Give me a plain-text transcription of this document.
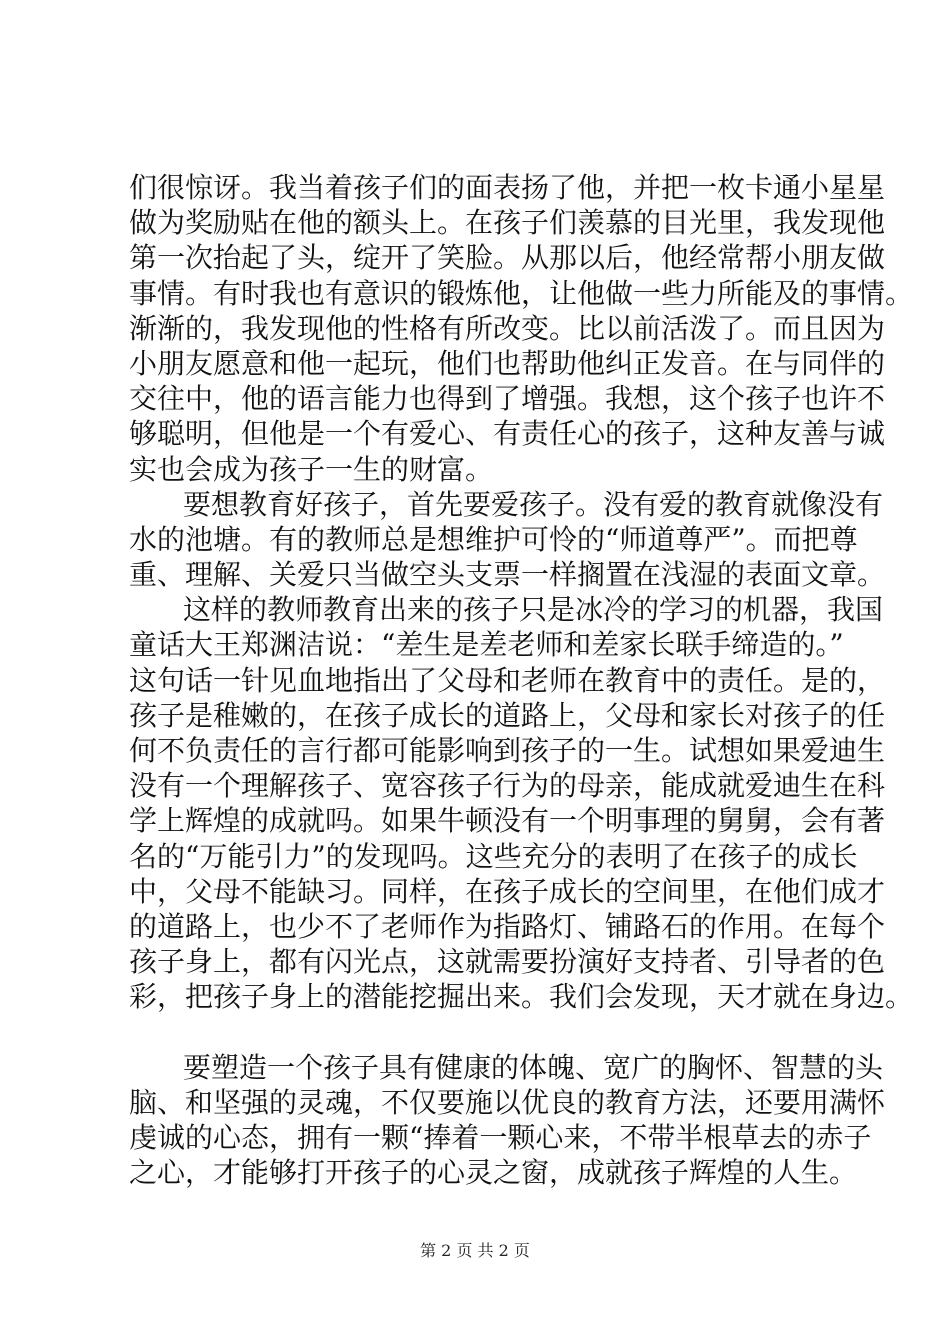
们很惊讶。我当着孩子们的面表扬了他，并把一枚卡通小星星
做为奖励贴在他的额头上。在孩子们羡慕的目光里，我发现他
第一次抬起了头，绽开了笑脸。从那以后，他经常帮小朋友做
事情。有时我也有意识的锻炼他，让他做一些力所能及的事情。
渐渐的，我发现他的性格有所改变。比以前活泼了。而且因为
小朋友愿意和他一起玩，他们也帮助他纠正发音。在与同伴的
交往中，他的语言能力也得到了增强。我想，这个孩子也许不
够聪明，但他是一个有爱心、有责任心的孩子，这种友善与诚
实也会成为孩子一生的财富。
要想教育好孩子，首先要爱孩子。没有爱的教育就像没有
水的池塘。有的教师总是想维护可怜的“师道尊严”。而把尊
重、理解、关爱只当做空头支票一样搁置在浅湿的表面文章。
这样的教师教育出来的孩子只是冰冷的学习的机器，我国
童话大王郑渊洁说：“差生是差老师和差家长联手缔造的。”
这句话一针见血地指出了父母和老师在教育中的责任。是的，
孩子是稚嫩的，在孩子成长的道路上，父母和家长对孩子的任
何不负责任的言行都可能影响到孩子的一生。试想如果爱迪生
没有一个理解孩子、宽容孩子行为的母亲，能成就爱迪生在科
学上辉煌的成就吗。如果牛顿没有一个明事理的舅舅，会有著
名的“万能引力”的发现吗。这些充分的表明了在孩子的成长
中，父母不能缺习。同样，在孩子成长的空间里，在他们成才
的道路上，也少不了老师作为指路灯、铺路石的作用。在每个
孩子身上，都有闪光点，这就需要扮演好支持者、引导者的色
彩，把孩子身上的潜能挖掘出来。我们会发现，天才就在身边。
要塑造一个孩子具有健康的体魄、宽广的胸怀、智慧的头
脑、和坚强的灵魂，不仅要施以优良的教育方法，还要用满怀
虔诚的心态，拥有一颗“捧着一颗心来，不带半根草去的赤子
之心，才能够打开孩子的心灵之窗，成就孩子辉煌的人生。
第 2 页 共 2 页
